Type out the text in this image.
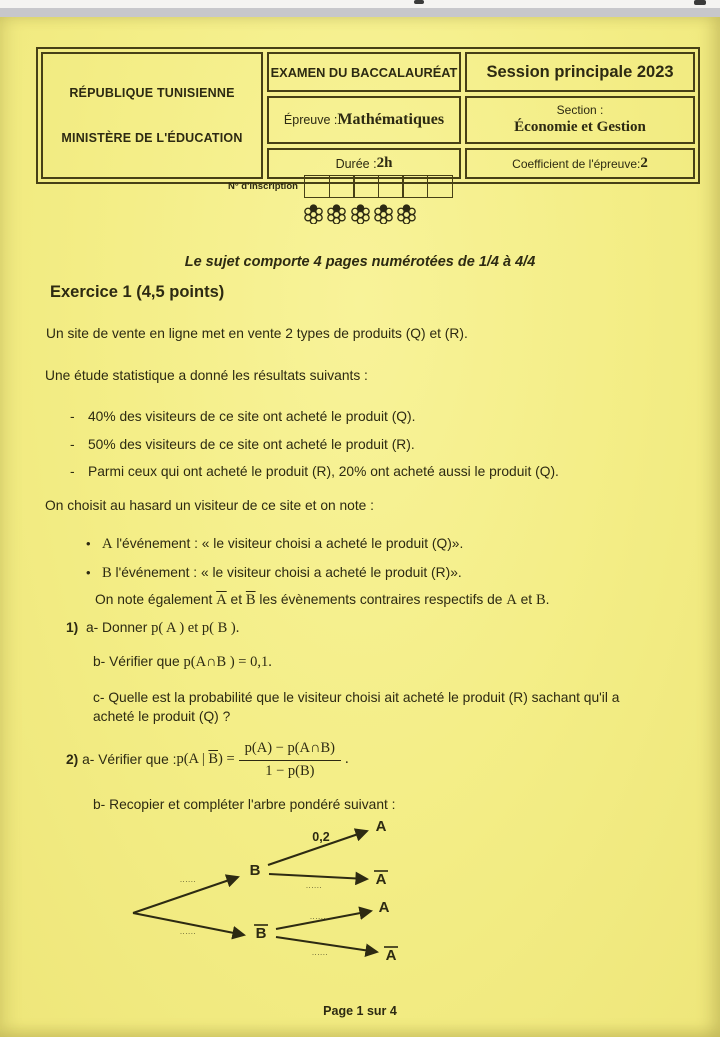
RÉPUBLIQUE TUNISIENNE
MINISTÈRE DE L'ÉDUCATION
EXAMEN DU BACCALAURÉAT	Session principale 2023
Épreuve : Mathématiques
Section :
Économie et Gestion
Durée : 2h	Coefficient de l'épreuve: 2
N° d'inscription

Le sujet comporte 4 pages numérotées de 1/4 à 4/4
Exercice 1 (4,5 points)
Un site de vente en ligne met en vente 2 types de produits (Q) et (R).
Une étude statistique a donné les résultats suivants :
- 40% des visiteurs de ce site ont acheté le produit (Q).
- 50% des visiteurs de ce site ont acheté le produit (R).
- Parmi ceux qui ont acheté le produit (R), 20% ont acheté aussi le produit (Q).
On choisit au hasard un visiteur de ce site et on note :
• A l'événement : « le visiteur choisi a acheté le produit (Q)».
• B l'événement : « le visiteur choisi a acheté le produit (R)».
On note également $\overline{A}$ et $\overline{B}$ les évènements contraires respectifs de A et B.
1) a- Donner p( A ) et p( B ).
b- Vérifier que p(A∩B ) = 0,1.
c- Quelle est la probabilité que le visiteur choisi ait acheté le produit (R) sachant qu'il a
acheté le produit (Q) ?
2)
a- Vérifier que : p(A | $\overline{B}) = \frac{p(A) - p(A\cap B)}{1 - p(B)}$ .
b- Recopier et compléter l'arbre pondéré suivant :
B
B
A
A
A
A
0,2
......
......
......
......
......
Page 1 sur 4
